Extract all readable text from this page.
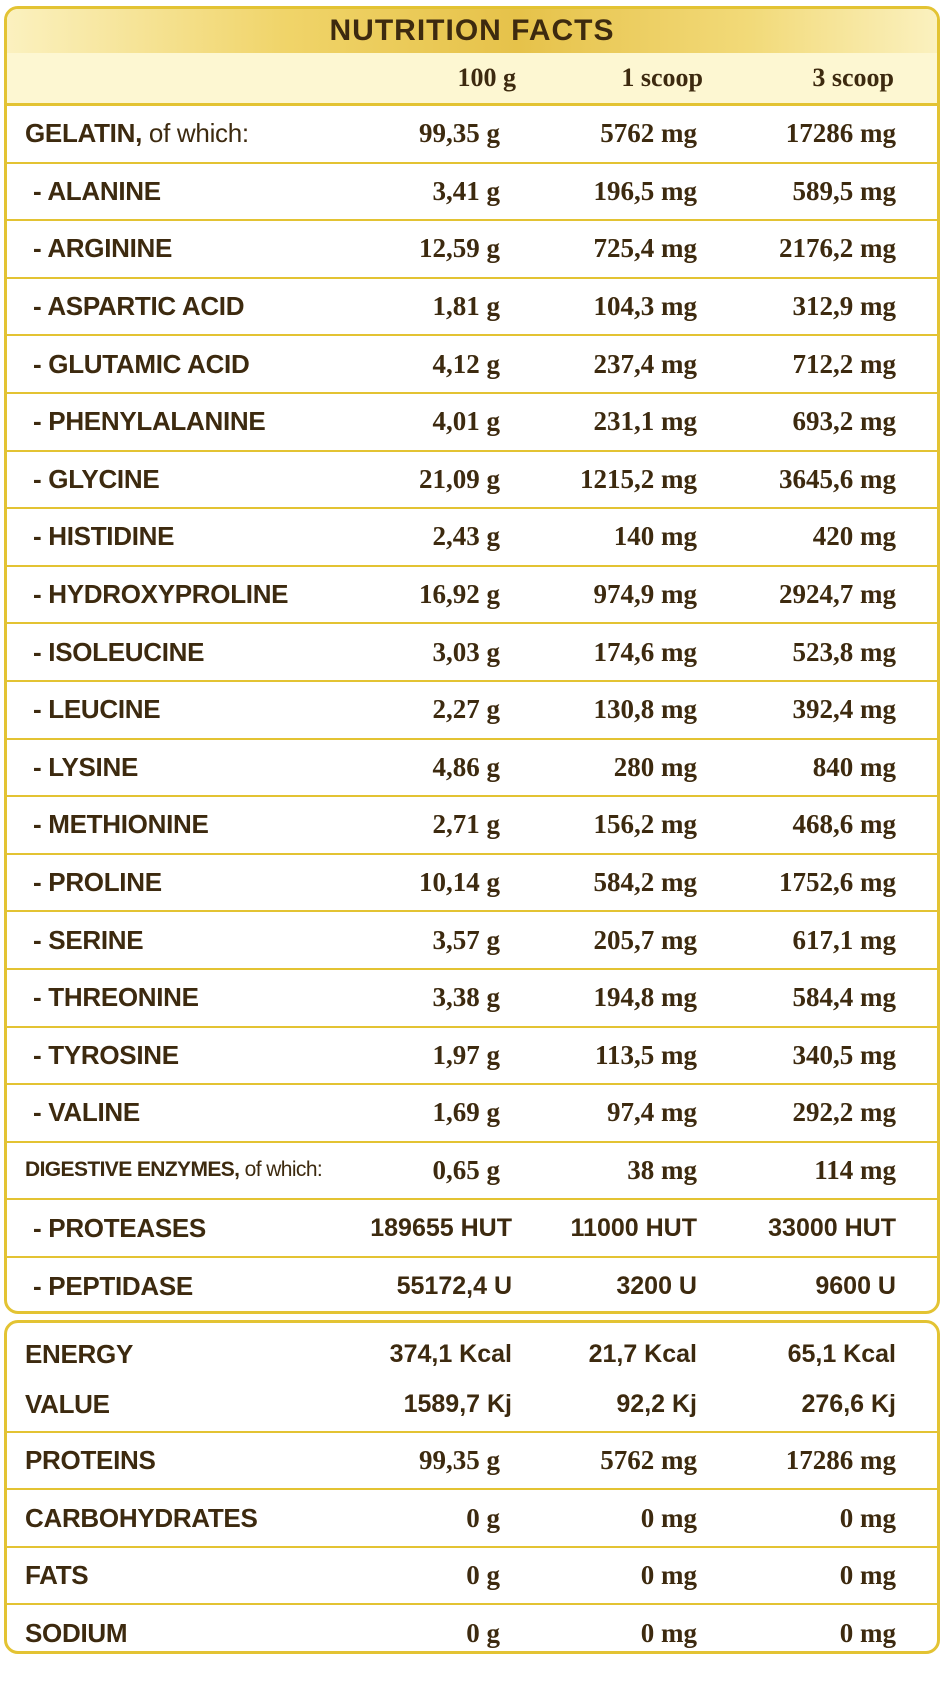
NUTRITION FACTS
100 g	1 scoop	3 scoop
GELATIN, of which:	99,35 g	5762 mg	17286 mg
- ALANINE	3,41 g	196,5 mg	589,5 mg
- ARGININE	12,59 g	725,4 mg	2176,2 mg
- ASPARTIC ACID	1,81 g	104,3 mg	312,9 mg
- GLUTAMIC ACID	4,12 g	237,4 mg	712,2 mg
- PHENYLALANINE	4,01 g	231,1 mg	693,2 mg
- GLYCINE	21,09 g	1215,2 mg	3645,6 mg
- HISTIDINE	2,43 g	140 mg	420 mg
- HYDROXYPROLINE	16,92 g	974,9 mg	2924,7 mg
- ISOLEUCINE	3,03 g	174,6 mg	523,8 mg
- LEUCINE	2,27 g	130,8 mg	392,4 mg
- LYSINE	4,86 g	280 mg	840 mg
- METHIONINE	2,71 g	156,2 mg	468,6 mg
- PROLINE	10,14 g	584,2 mg	1752,6 mg
- SERINE	3,57 g	205,7 mg	617,1 mg
- THREONINE	3,38 g	194,8 mg	584,4 mg
- TYROSINE	1,97 g	113,5 mg	340,5 mg
- VALINE	1,69 g	97,4 mg	292,2 mg
DIGESTIVE ENZYMES, of which:	0,65 g	38 mg	114 mg
- PROTEASES	189655 HUT	11000 HUT	33000 HUT
- PEPTIDASE	55172,4 U	3200 U	9600 U
ENERGY	374,1 Kcal	21,7 Kcal	65,1 Kcal
VALUE	1589,7 Kj	92,2 Kj	276,6 Kj
PROTEINS	99,35 g	5762 mg	17286 mg
CARBOHYDRATES	0 g	0 mg	0 mg
FATS	0 g	0 mg	0 mg
SODIUM	0 g	0 mg	0 mg
